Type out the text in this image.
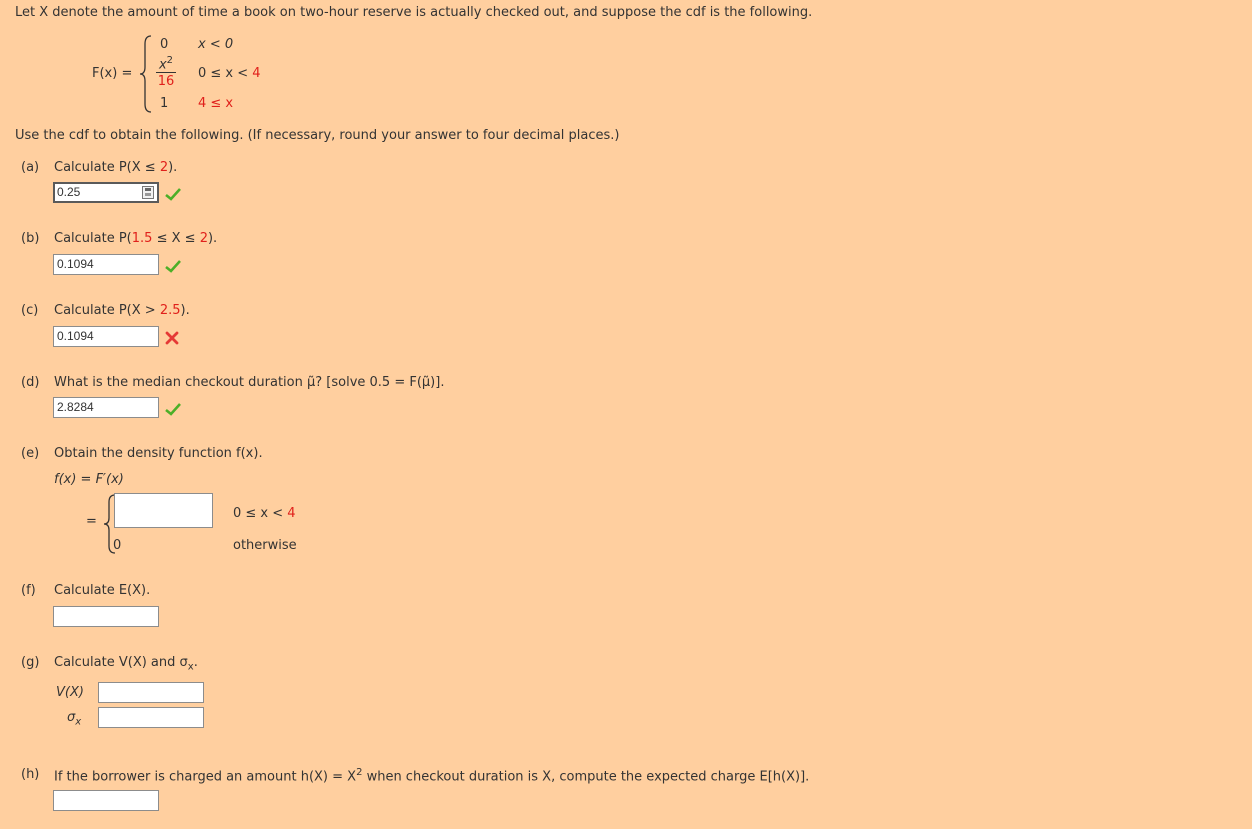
Let X denote the amount of time a book on two-hour reserve is actually checked out, and suppose the cdf is the following.
F(x) =
0 x < 0
$x^2$
16
0 ≤ x < 4
1 4 ≤ x
Use the cdf to obtain the following. (If necessary, round your answer to four decimal places.)
(a) Calculate P(X ≤ 2).
0.25
(b) Calculate P(1.5 ≤ X ≤ 2).
0.1094
(c) Calculate P(X > 2.5).
0.1094
(d) What is the median checkout duration μ̃? [solve 0.5 = F(μ̃)].
2.8284
(e) Obtain the density function f(x).
f(x) = F′(x)
=
0 ≤ x < 4
0	otherwise
(f) Calculate E(X).
(g) Calculate V(X) and $\sigma_x$.
V(X)
$\sigma_x$
(h) If the borrower is charged an amount $h(X) = X^2$ when checkout duration is X, compute the expected charge E[h(X)].
